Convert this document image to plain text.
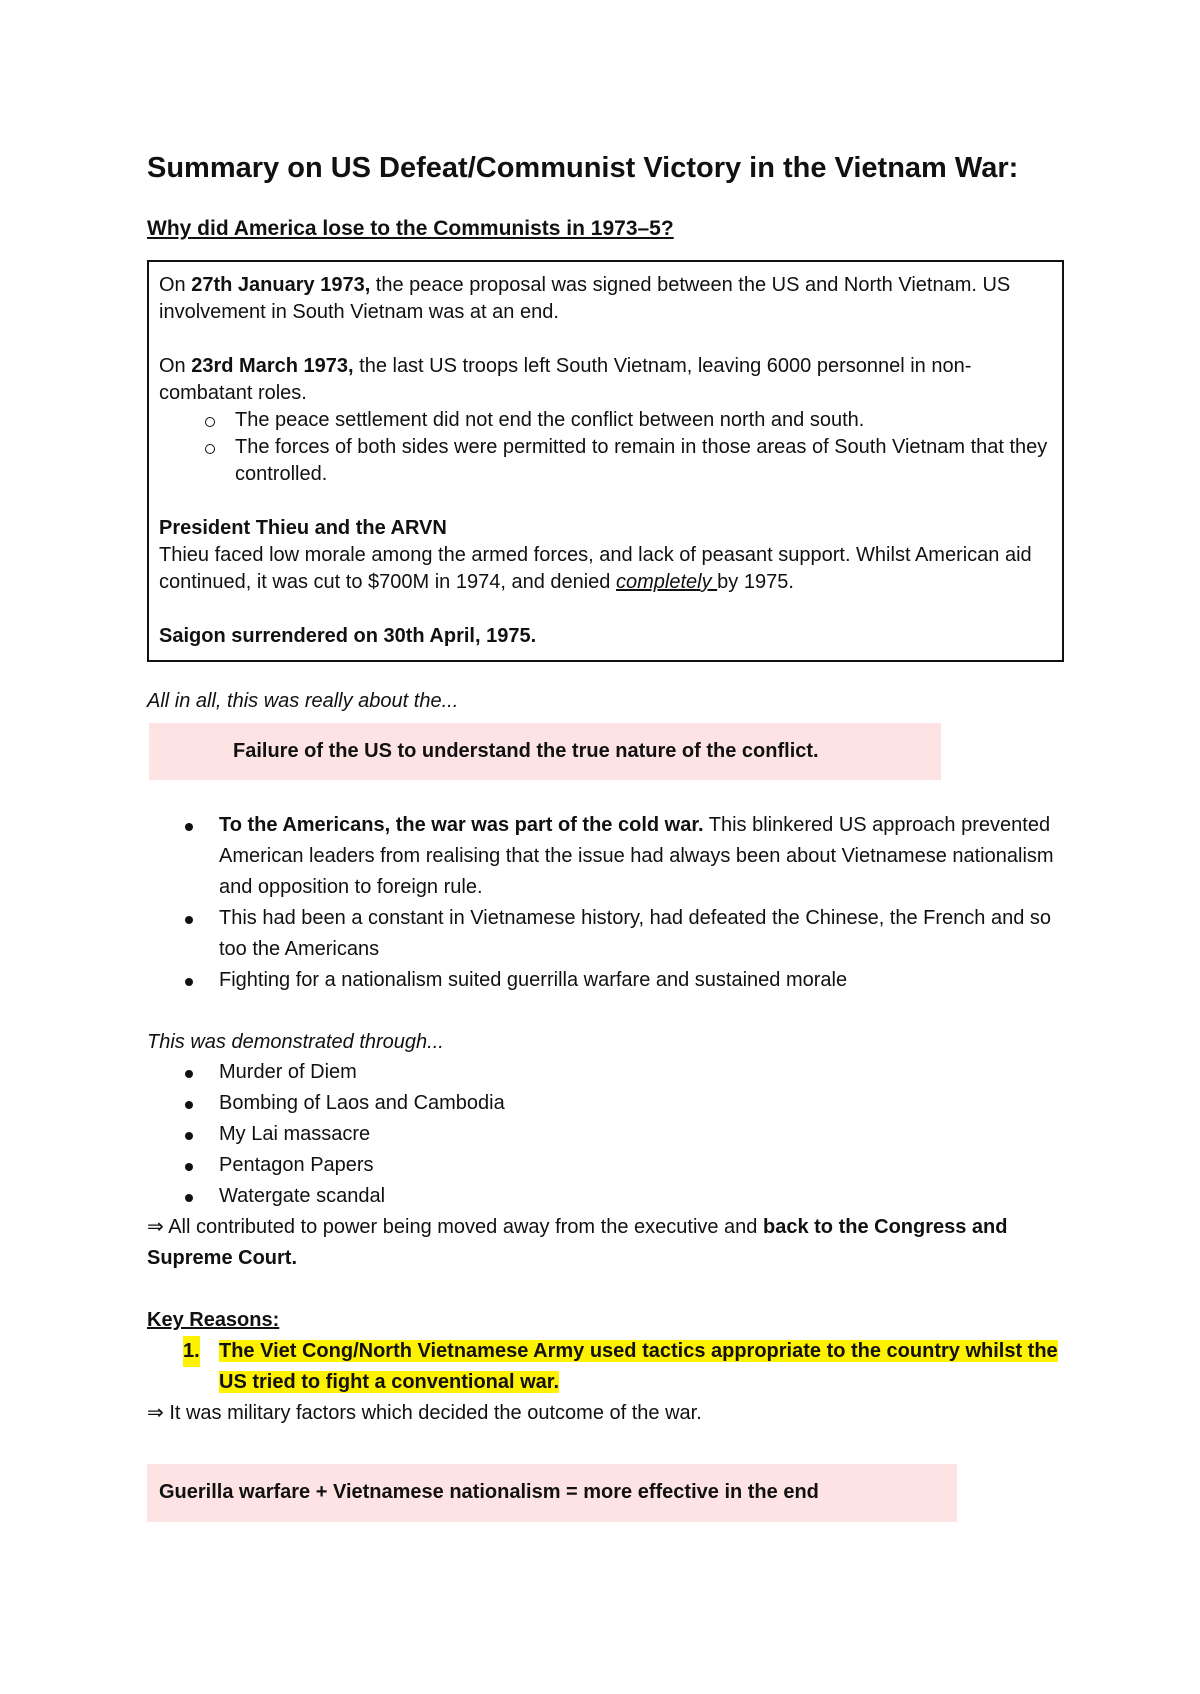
Summary on US Defeat/Communist Victory in the Vietnam War:
Why did America lose to the Communists in 1973–5?

On 27th January 1973, the peace proposal was signed between the US and North Vietnam. US involvement in South Vietnam was at an end.

On 23rd March 1973, the last US troops left South Vietnam, leaving 6000 personnel in non-combatant roles.

The peace settlement did not end the conflict between north and south.
The forces of both sides were permitted to remain in those areas of South Vietnam that they controlled.

President Thieu and the ARVN

Thieu faced low morale among the armed forces, and lack of peasant support. Whilst American aid continued, it was cut to $700M in 1974, and denied completely by 1975.

Saigon surrendered on 30th April, 1975.

All in all, this was really about the...
Failure of the US to understand the true nature of the conflict.
To the Americans, the war was part of the cold war. This blinkered US approach prevented American leaders from realising that the issue had always been about Vietnamese nationalism and opposition to foreign rule.
This had been a constant in Vietnamese history, had defeated the Chinese, the French and so too the Americans
Fighting for a nationalism suited guerrilla warfare and sustained morale
This was demonstrated through...
Murder of Diem
Bombing of Laos and Cambodia
My Lai massacre
Pentagon Papers
Watergate scandal
⇒ All contributed to power being moved away from the executive and back to the Congress and Supreme Court.
Key Reasons:
1. The Viet Cong/North Vietnamese Army used tactics appropriate to the country whilst the US tried to fight a conventional war.
⇒ It was military factors which decided the outcome of the war.
Guerilla warfare + Vietnamese nationalism = more effective in the end
